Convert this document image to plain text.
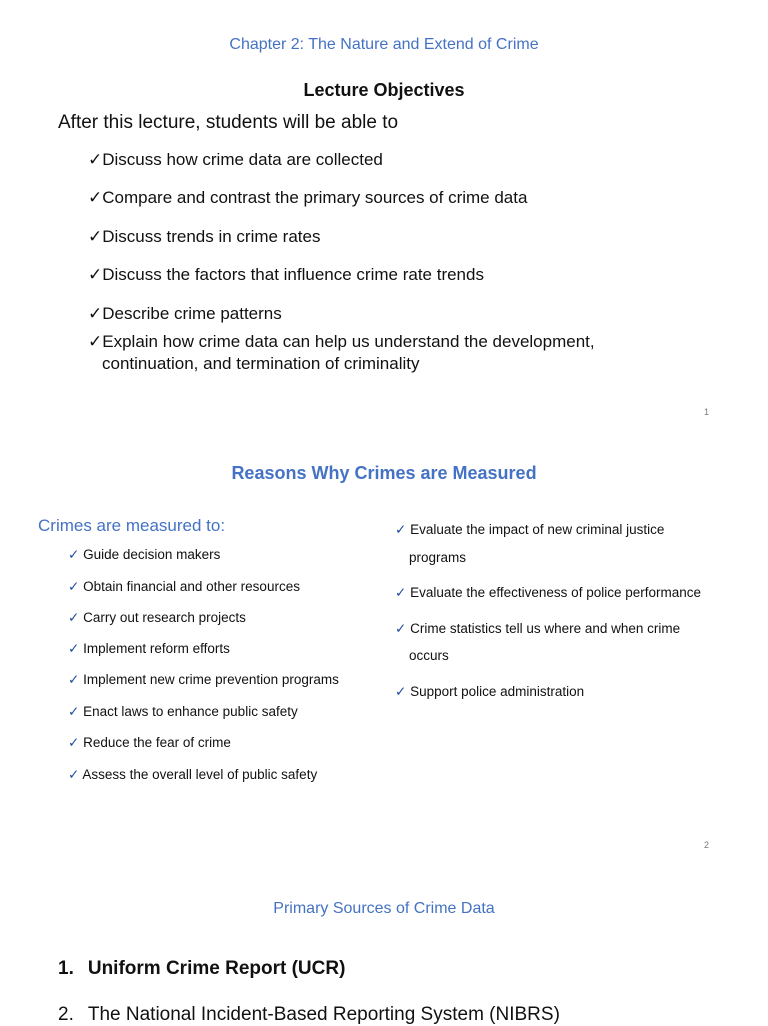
Chapter 2: The Nature and Extend of Crime
Lecture Objectives
After this lecture, students will be able to
✓Discuss how crime data are collected
✓Compare and contrast the primary sources of crime data
✓Discuss trends in crime rates
✓Discuss the factors that influence crime rate trends
✓Describe crime patterns
✓Explain how crime data can help us understand the development,
continuation, and termination of criminality
1
Reasons Why Crimes are Measured
Crimes are measured to:
✓ Guide decision makers
✓ Obtain financial and other resources
✓ Carry out research projects
✓ Implement reform efforts
✓ Implement new crime prevention programs
✓ Enact laws to enhance public safety
✓ Reduce the fear of crime
✓ Assess the overall level of public safety
✓ Evaluate the impact of new criminal justice
programs
✓ Evaluate the effectiveness of police performance
✓ Crime statistics tell us where and when crime
occurs
✓ Support police administration
2
Primary Sources of Crime Data
1. Uniform Crime Report (UCR)
2. The National Incident-Based Reporting System (NIBRS)
